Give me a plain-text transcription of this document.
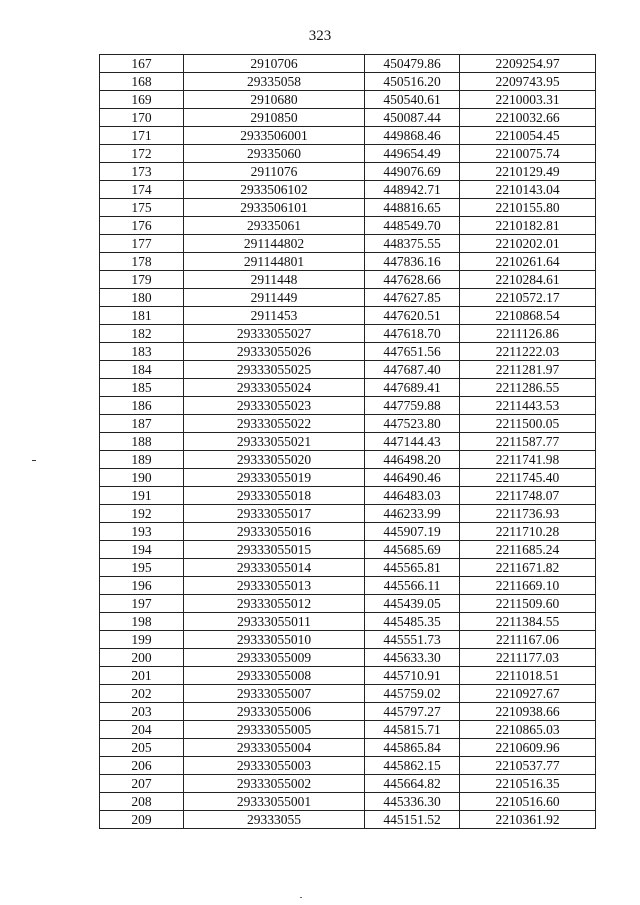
323
167	2910706	450479.86	2209254.97
168	29335058	450516.20	2209743.95
169	2910680	450540.61	2210003.31
170	2910850	450087.44	2210032.66
171	2933506001	449868.46	2210054.45
172	29335060	449654.49	2210075.74
173	2911076	449076.69	2210129.49
174	2933506102	448942.71	2210143.04
175	2933506101	448816.65	2210155.80
176	29335061	448549.70	2210182.81
177	291144802	448375.55	2210202.01
178	291144801	447836.16	2210261.64
179	2911448	447628.66	2210284.61
180	2911449	447627.85	2210572.17
181	2911453	447620.51	2210868.54
182	29333055027	447618.70	2211126.86
183	29333055026	447651.56	2211222.03
184	29333055025	447687.40	2211281.97
185	29333055024	447689.41	2211286.55
186	29333055023	447759.88	2211443.53
187	29333055022	447523.80	2211500.05
188	29333055021	447144.43	2211587.77
189	29333055020	446498.20	2211741.98
190	29333055019	446490.46	2211745.40
191	29333055018	446483.03	2211748.07
192	29333055017	446233.99	2211736.93
193	29333055016	445907.19	2211710.28
194	29333055015	445685.69	2211685.24
195	29333055014	445565.81	2211671.82
196	29333055013	445566.11	2211669.10
197	29333055012	445439.05	2211509.60
198	29333055011	445485.35	2211384.55
199	29333055010	445551.73	2211167.06
200	29333055009	445633.30	2211177.03
201	29333055008	445710.91	2211018.51
202	29333055007	445759.02	2210927.67
203	29333055006	445797.27	2210938.66
204	29333055005	445815.71	2210865.03
205	29333055004	445865.84	2210609.96
206	29333055003	445862.15	2210537.77
207	29333055002	445664.82	2210516.35
208	29333055001	445336.30	2210516.60
209	29333055	445151.52	2210361.92
